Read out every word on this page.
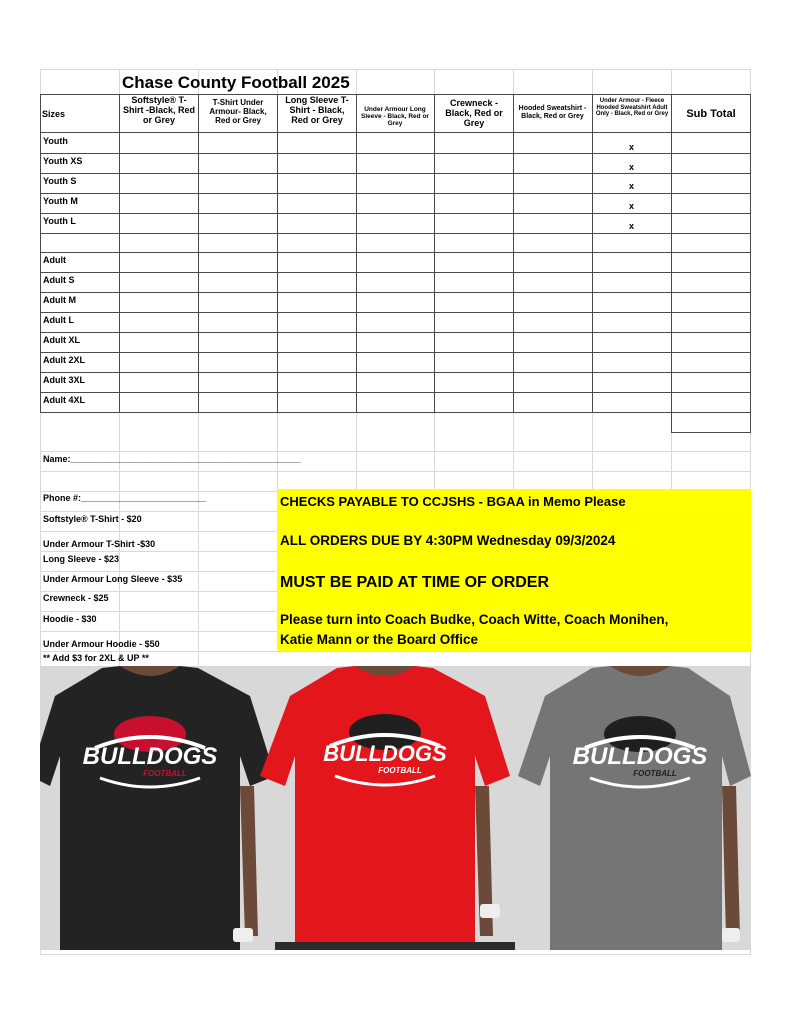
Chase County Football 2025
Sizes
Softstyle® T-Shirt -Black, Red or Grey
T-Shirt Under Armour- Black, Red or Grey
Long Sleeve T-Shirt - Black, Red or Grey
Under Armour Long Sleeve - Black, Red or Grey
Crewneck - Black, Red or Grey
Hooded Sweatshirt - Black, Red or Grey
Under Armour - Fleece Hooded Sweatshirt Adult Only - Black, Red or Grey	Sub Total
Youth
Youth XS
Youth S
Youth M
Youth L
x
x
x
x
x
Adult
Adult S
Adult M
Adult L
Adult XL
Adult 2XL
Adult 3XL
Adult 4XL
Name:______________________________________________
Phone #:_________________________
Softstyle® T-Shirt - $20
Under Armour T-Shirt -$30
Long Sleeve - $23
Under Armour Long Sleeve - $35
Crewneck - $25
Hoodie - $30
Under Armour Hoodie - $50
** Add $3 for 2XL & UP **
CHECKS PAYABLE TO CCJSHS - BGAA in Memo Please
ALL ORDERS DUE BY 4:30PM Wednesday 09/3/2024
MUST BE PAID AT TIME OF ORDER
Please turn into Coach Budke, Coach Witte, Coach Monihen,
Katie Mann or the Board Office
BULLDOGS
FOOTBALL
BULLDOGS
FOOTBALL
BULLDOGS
FOOTBALL
